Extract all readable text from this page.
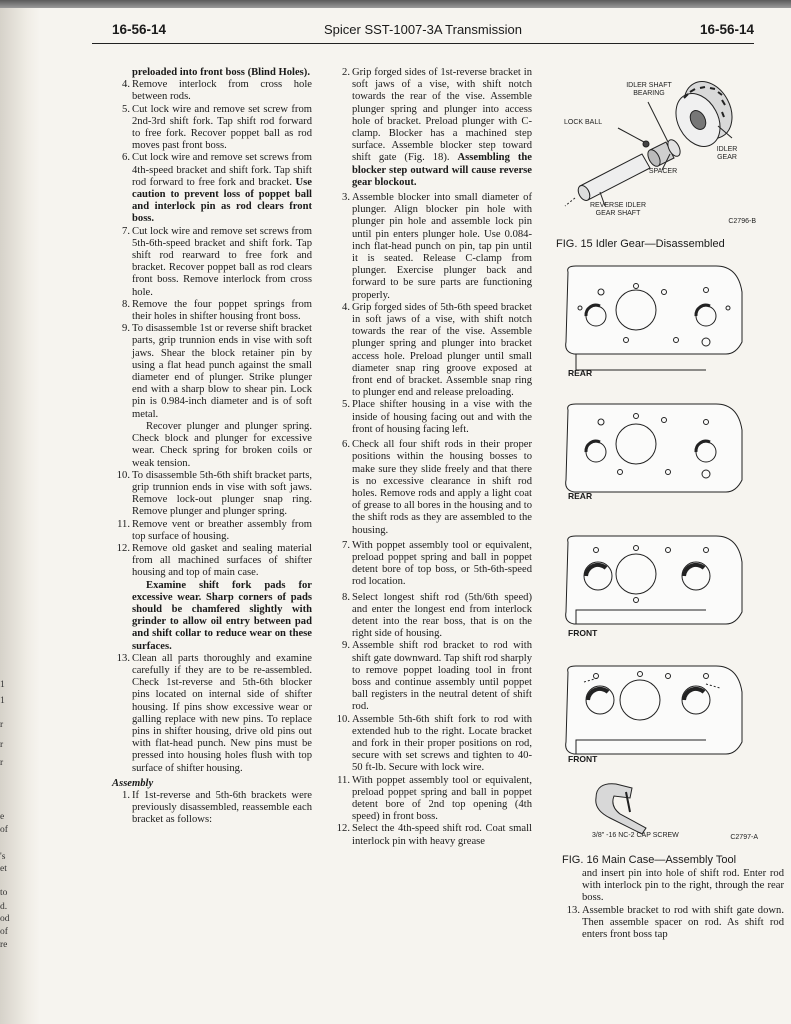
1
1
r
r
r
e
of
's
et
to
d.
od
of
re
Spicer SST-1007-3A Transmission
16-56-14	16-56-14

preloaded into front boss (Blind Holes).

4. Remove interlock from cross hole between rods.
5. Cut lock wire and remove set screw from 2nd-3rd shift fork. Tap shift rod forward to free fork. Recover poppet ball as rod moves past front boss.
6. Cut lock wire and remove set screws from 4th-speed bracket and shift fork. Tap shift rod forward to free fork and bracket. Use caution to prevent loss of poppet ball and interlock pin as rod clears front boss.
7. Cut lock wire and remove set screws from 5th-6th-speed bracket and shift fork. Tap shift rod rearward to free fork and bracket. Recover poppet ball as rod clears front boss. Remove interlock from cross hole.
8. Remove the four poppet springs from their holes in shifter housing front boss.
9. To disassemble 1st or reverse shift bracket parts, grip trunnion ends in vise with soft jaws. Shear the block retainer pin by using a flat head punch against the small diameter end of plunger. Strike plunger end with a sharp blow to shear pin. Lock pin is 0.984-inch diameter and is of soft metal.

Recover plunger and plunger spring. Check block and plunger for excessive wear. Check spring for broken coils or weak tension.

10. To disassemble 5th-6th shift bracket parts, grip trunnion ends in vise with soft jaws. Remove lock-out plunger snap ring. Remove plunger and plunger spring.
11. Remove vent or breather assembly from top surface of housing.
12. Remove old gasket and sealing material from all machined surfaces of shifter housing and top of main case.

Examine shift fork pads for excessive wear. Sharp corners of pads should be chamfered slightly with grinder to allow oil entry between pad and shift collar to reduce wear on these surfaces.

13. Clean all parts thoroughly and examine carefully if they are to be re-assembled. Check 1st-reverse and 5th-6th blocker pins located on internal side of shifter housing. If pins show excessive wear or galling replace with new pins. To replace pins in shifter housing, drive old pins out with flat-head punch. New pins must be pressed into housing holes flush with top surface of shifter housing.

Assembly

1. If 1st-reverse and 5th-6th brackets were previously disassembled, reassemble each bracket as follows:
2. Grip forged sides of 1st-reverse bracket in soft jaws of a vise, with shift notch towards the rear of the vise. Assemble plunger spring and plunger into access hole of bracket. Preload plunger with C-clamp. Blocker has a machined step surface. Assemble blocker step toward shift gate (Fig. 18). Assembling the blocker step outward will cause reverse gear blockout.
3. Assemble blocker into small diameter of plunger. Align blocker pin hole with plunger pin hole and assemble lock pin until pin enters plunger hole. Use 0.084-inch flat-head punch on pin, tap pin until it is seated. Release C-clamp from plunger. Exercise plunger back and forward to be sure parts are functioning properly.
4. Grip forged sides of 5th-6th speed bracket in soft jaws of a vise, with shift notch towards the rear of the vise. Assemble plunger spring and plunger into bracket access hole. Preload plunger until small diameter snap ring groove exposed at front end of bracket. Assemble snap ring to plunger end and release preloading.
5. Place shifter housing in a vise with the inside of housing facing out and with the front of housing facing left.
6. Check all four shift rods in their proper positions within the housing bosses to make sure they slide freely and that there is no excessive clearance in shift rod holes. Remove rods and apply a light coat of grease to all bores in the housing and to the shift rods as they are assembled to the housing.
7. With poppet assembly tool or equivalent, preload poppet spring and ball in poppet detent bore of top boss, or 5th-6th-speed rod location.
8. Select longest shift rod (5th/6th speed) and enter the longest end from interlock detent into the rear boss, that is on the right side of housing.
9. Assemble shift rod bracket to rod with shift gate downward. Tap shift rod sharply to remove poppet loading tool in front boss and continue assembly until poppet ball registers in the neutral detent of shift rod.
10. Assemble 5th-6th shift fork to rod with extended hub to the right. Locate bracket and fork in their proper positions on rod, secure with set screws and tighten to 40-50 ft-lb. Secure with lock wire.
11. With poppet assembly tool or equivalent, preload poppet spring and ball in poppet detent bore of 2nd top opening (4th speed) in front boss.
12. Select the 4th-speed shift rod. Coat small interlock pin with heavy grease
IDLER SHAFT BEARING
LOCK BALL
IDLER GEAR
SPACER
REVERSE IDLER GEAR SHAFT
C2796-B
FIG. 15 Idler Gear—Disassembled
REAR
REAR
FRONT
FRONT
3/8" -16 NC-2 CAP SCREW	C2797-A
FIG. 16 Main Case—Assembly Tool

and insert pin into hole of shift rod. Enter rod with interlock pin to the right, through the rear boss.

13. Assemble bracket to rod with shift gate down. Then assemble spacer on rod. As shift rod enters front boss tap
